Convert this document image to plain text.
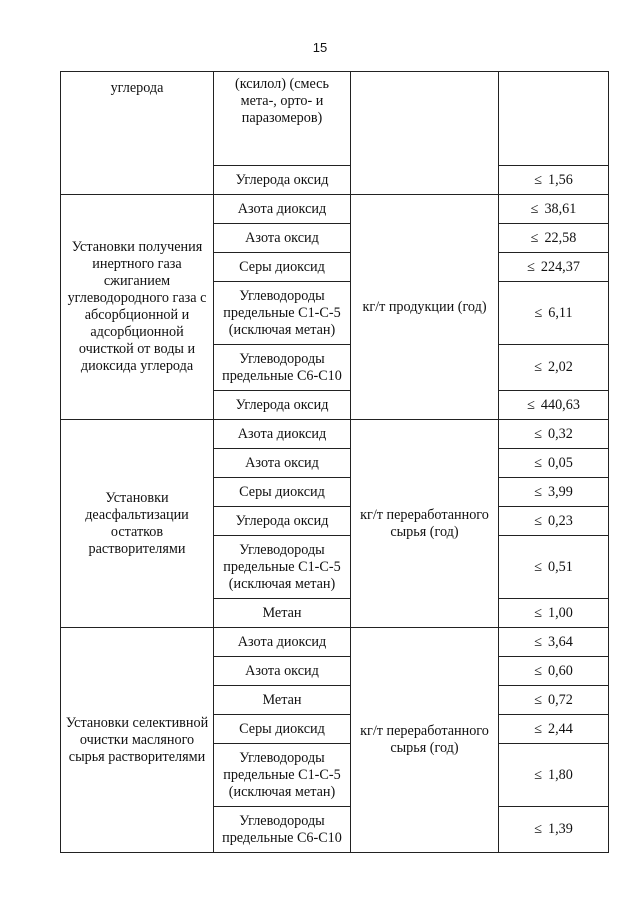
15
углерода	(ксилол) (смесь мета-, орто- и паразомеров)		
	Углерода оксид		≤ 1,56
Установки получения инертного газа сжиганием углеводородного газа с абсорбционной и адсорбционной очисткой от воды и диоксида углерода	Азота диоксид	кг/т продукции (год)	≤ 38,61
	Азота оксид		≤ 22,58
	Серы диоксид		≤ 224,37
	Углеводороды предельные С1-С-5 (исключая метан)		≤ 6,11
	Углеводороды предельные С6-С10		≤ 2,02
	Углерода оксид		≤ 440,63
Установки деасфальтизации остатков растворителями	Азота диоксид	кг/т переработанного сырья (год)	≤ 0,32
	Азота оксид		≤ 0,05
	Серы диоксид		≤ 3,99
	Углерода оксид		≤ 0,23
	Углеводороды предельные С1-С-5 (исключая метан)		≤ 0,51
	Метан		≤ 1,00
Установки селективной очистки масляного сырья растворителями	Азота диоксид	кг/т переработанного сырья (год)	≤ 3,64
	Азота оксид		≤ 0,60
	Метан		≤ 0,72
	Серы диоксид		≤ 2,44
	Углеводороды предельные С1-С-5 (исключая метан)		≤ 1,80
	Углеводороды предельные С6-С10		≤ 1,39
